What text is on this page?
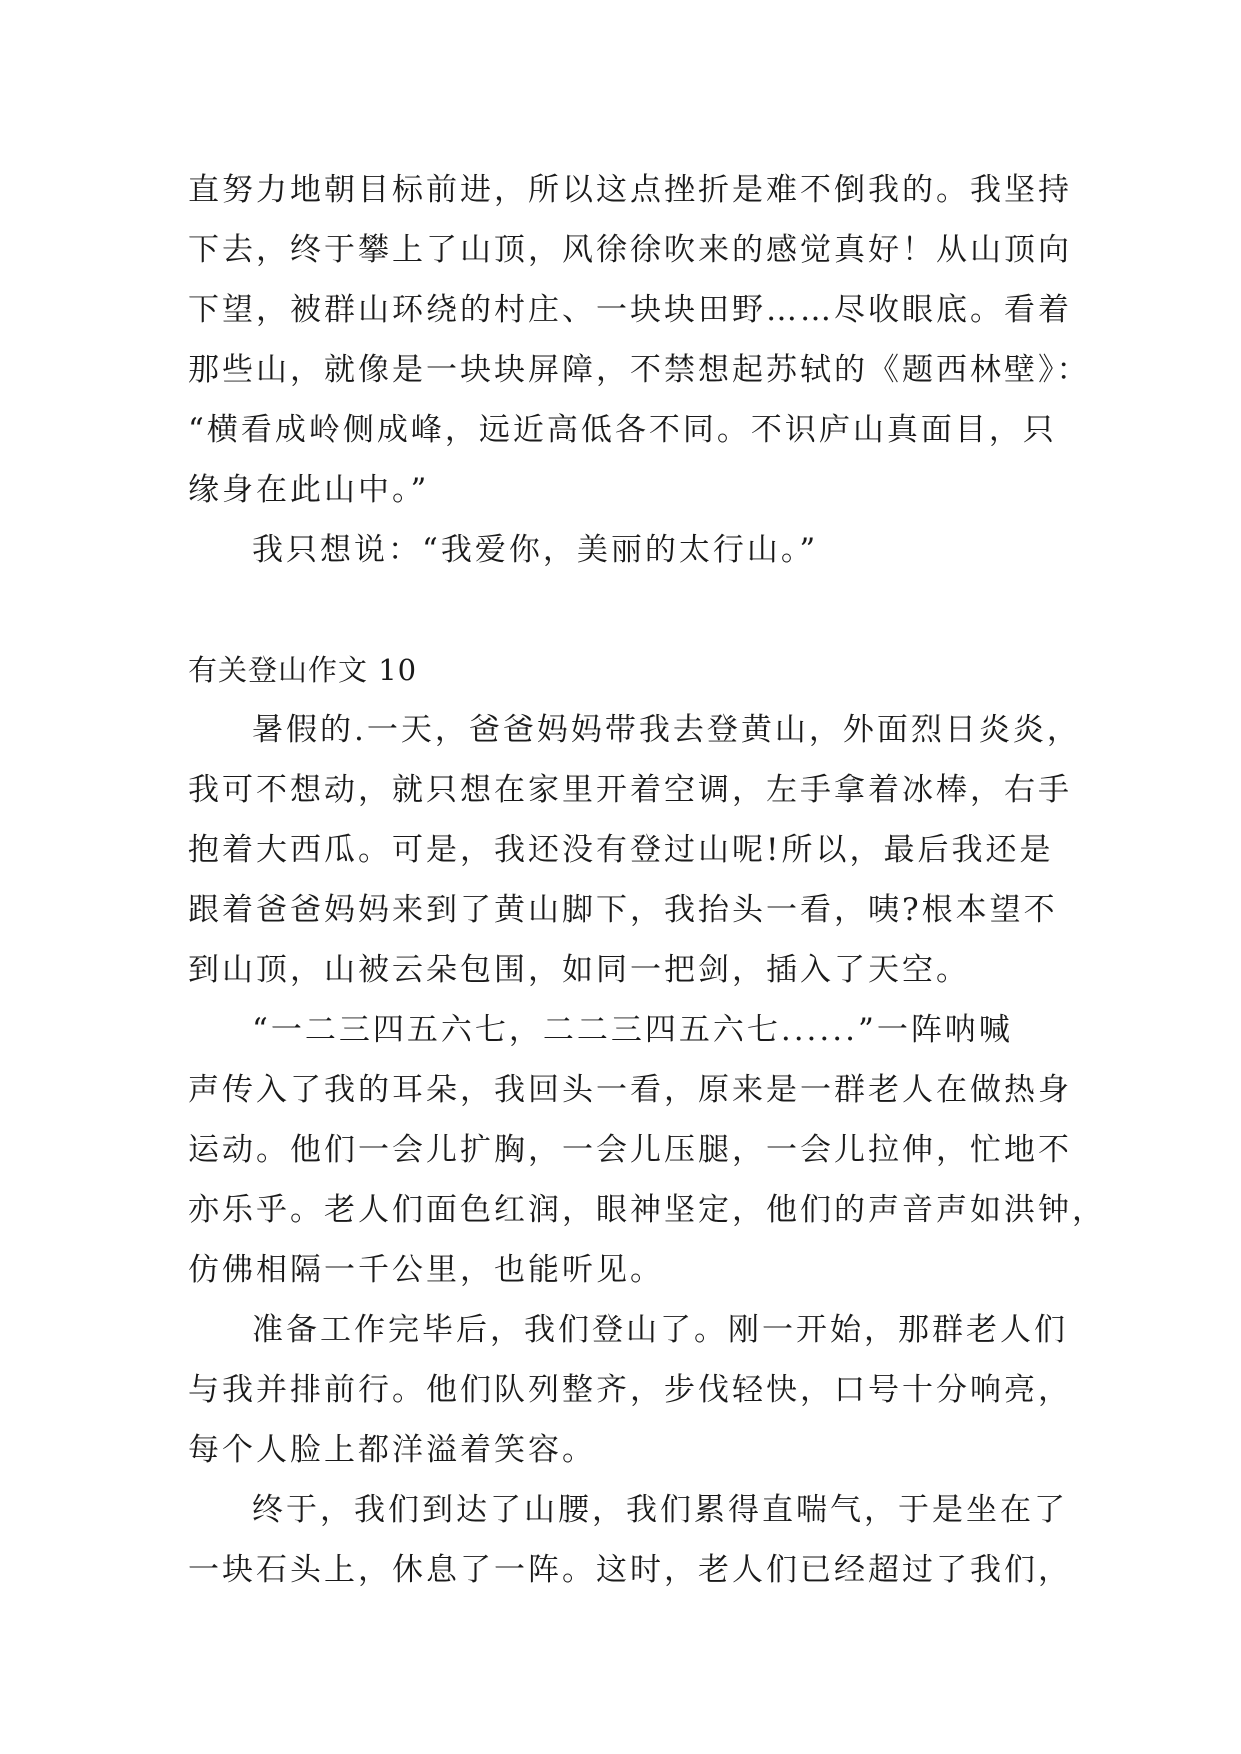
直努力地朝目标前进，所以这点挫折是难不倒我的。我坚持
下去，终于攀上了山顶，风徐徐吹来的感觉真好！从山顶向
下望，被群山环绕的村庄、一块块田野……尽收眼底。看着
那些山，就像是一块块屏障，不禁想起苏轼的《题西林壁》：
“横看成岭侧成峰，远近高低各不同。不识庐山真面目，只
缘身在此山中。”
我只想说：“我爱你，美丽的太行山。”
有关登山作文 10
暑假的.一天，爸爸妈妈带我去登黄山，外面烈日炎炎，
我可不想动，就只想在家里开着空调，左手拿着冰棒，右手
抱着大西瓜。可是，我还没有登过山呢!所以，最后我还是
跟着爸爸妈妈来到了黄山脚下，我抬头一看，咦?根本望不
到山顶，山被云朵包围，如同一把剑，插入了天空。
“一二三四五六七，二二三四五六七......”一阵呐喊
声传入了我的耳朵，我回头一看，原来是一群老人在做热身
运动。他们一会儿扩胸，一会儿压腿，一会儿拉伸，忙地不
亦乐乎。老人们面色红润，眼神坚定，他们的声音声如洪钟，
仿佛相隔一千公里，也能听见。
准备工作完毕后，我们登山了。刚一开始，那群老人们
与我并排前行。他们队列整齐，步伐轻快，口号十分响亮，
每个人脸上都洋溢着笑容。
终于，我们到达了山腰，我们累得直喘气，于是坐在了
一块石头上，休息了一阵。这时，老人们已经超过了我们，
